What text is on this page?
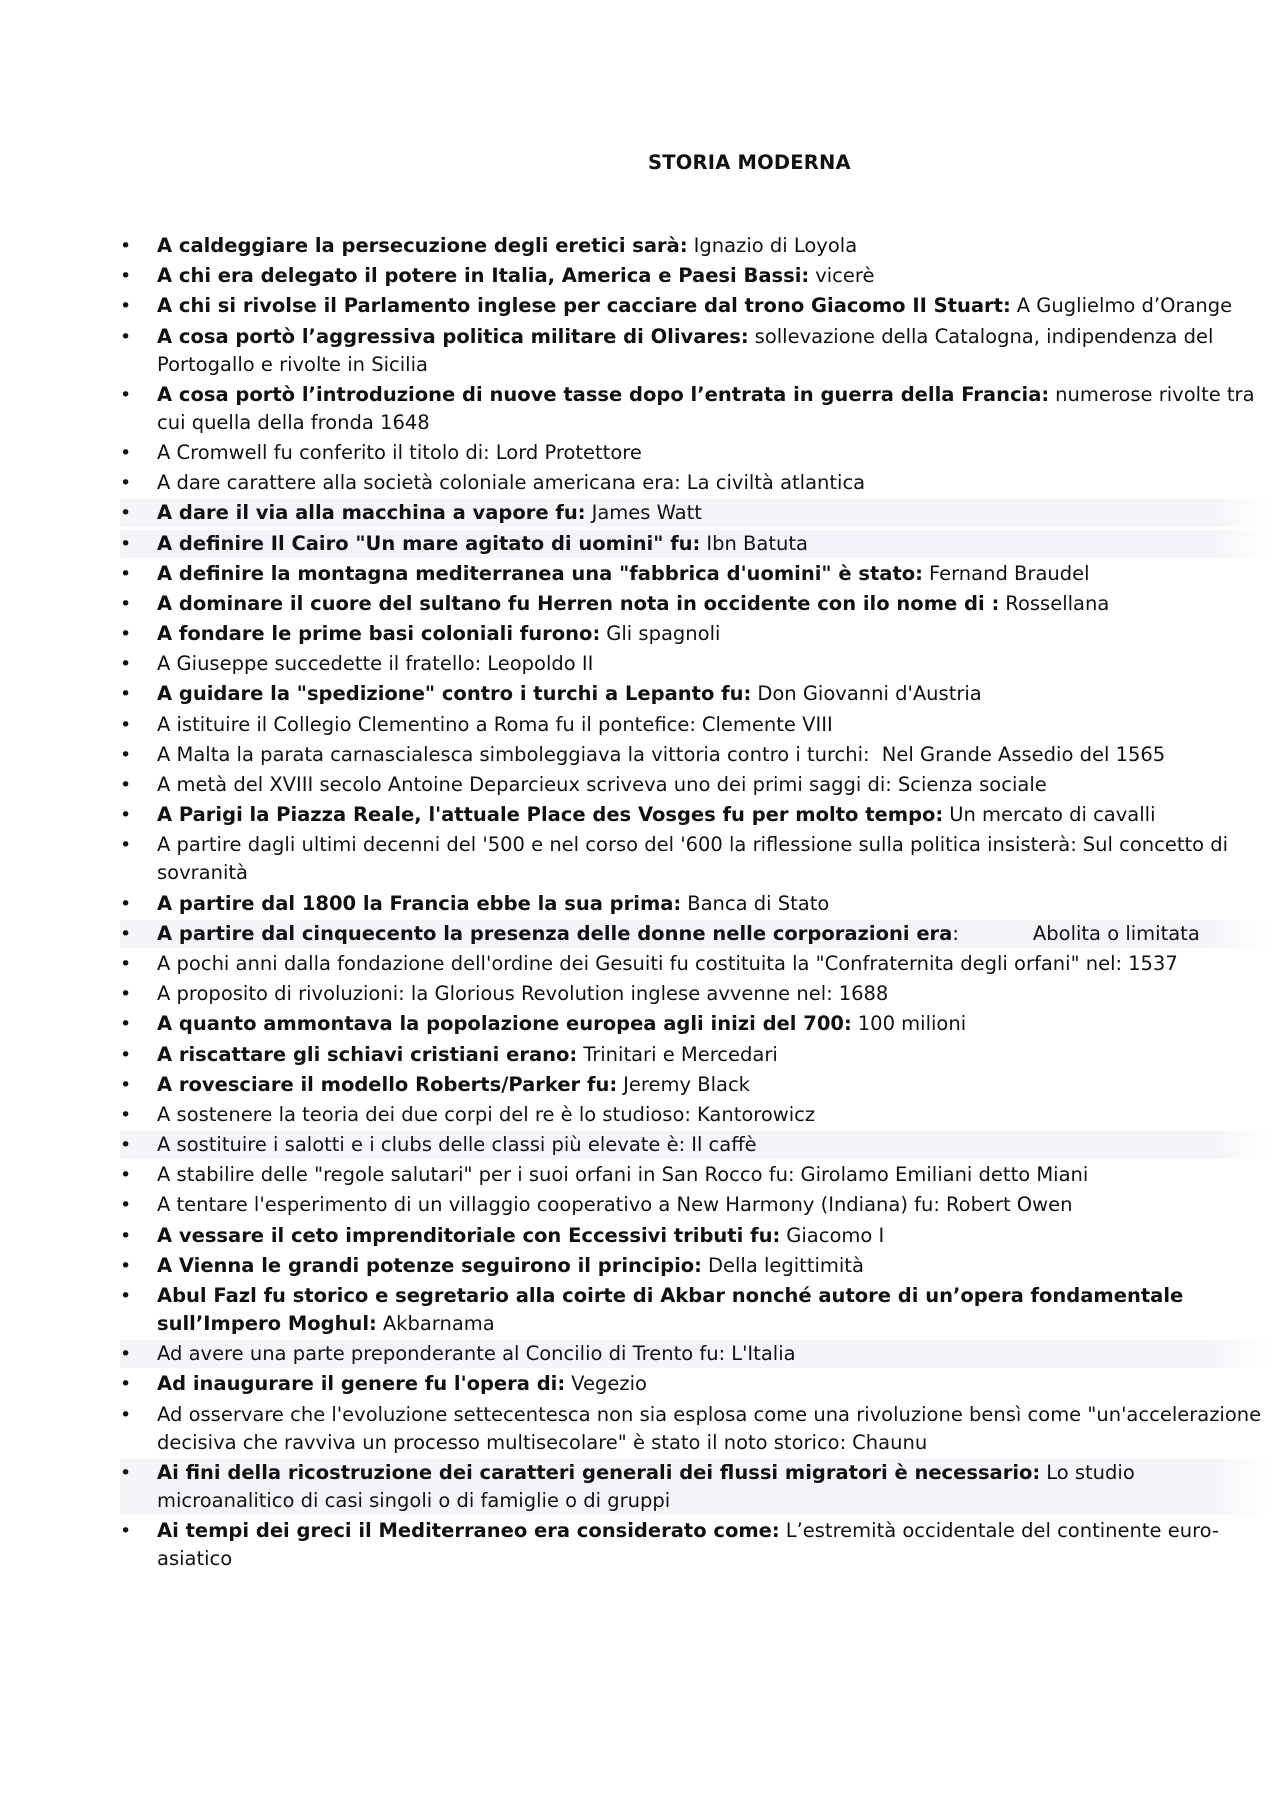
STORIA MODERNA
•	A caldeggiare la persecuzione degli eretici sarà: Ignazio di Loyola
•	A chi era delegato il potere in Italia, America e Paesi Bassi: vicerè
•	A chi si rivolse il Parlamento inglese per cacciare dal trono Giacomo II Stuart: A Guglielmo d’Orange
•	A cosa portò l’aggressiva politica militare di Olivares: sollevazione della Catalogna, indipendenza del Portogallo e rivolte in Sicilia
•	A cosa portò l’introduzione di nuove tasse dopo l’entrata in guerra della Francia: numerose rivolte tra cui quella della fronda 1648
•	A Cromwell fu conferito il titolo di: Lord Protettore
•	A dare carattere alla società coloniale americana era: La civiltà atlantica
•	A dare il via alla macchina a vapore fu: James Watt
•	A definire Il Cairo "Un mare agitato di uomini" fu: Ibn Batuta
•	A definire la montagna mediterranea una "fabbrica d'uomini" è stato: Fernand Braudel
•	A dominare il cuore del sultano fu Herren nota in occidente con ilo nome di : Rossellana
•	A fondare le prime basi coloniali furono: Gli spagnoli
•	A Giuseppe succedette il fratello: Leopoldo II
•	A guidare la "spedizione" contro i turchi a Lepanto fu: Don Giovanni d'Austria
•	A istituire il Collegio Clementino a Roma fu il pontefice: Clemente VIII
•	A Malta la parata carnascialesca simboleggiava la vittoria contro i turchi: Nel Grande Assedio del 1565
•	A metà del XVIII secolo Antoine Deparcieux scriveva uno dei primi saggi di: Scienza sociale
•	A Parigi la Piazza Reale, l'attuale Place des Vosges fu per molto tempo: Un mercato di cavalli
•	A partire dagli ultimi decenni del '500 e nel corso del '600 la riflessione sulla politica insisterà: Sul concetto di sovranità
•	A partire dal 1800 la Francia ebbe la sua prima: Banca di Stato
•	A partire dal cinquecento la presenza delle donne nelle corporazioni era:	Abolita o limitata
•	A pochi anni dalla fondazione dell'ordine dei Gesuiti fu costituita la "Confraternita degli orfani" nel: 1537
•	A proposito di rivoluzioni: la Glorious Revolution inglese avvenne nel: 1688
•	A quanto ammontava la popolazione europea agli inizi del 700: 100 milioni
•	A riscattare gli schiavi cristiani erano: Trinitari e Mercedari
•	A rovesciare il modello Roberts/Parker fu: Jeremy Black
•	A sostenere la teoria dei due corpi del re è lo studioso: Kantorowicz
•	A sostituire i salotti e i clubs delle classi più elevate è: Il caffè
•	A stabilire delle "regole salutari" per i suoi orfani in San Rocco fu: Girolamo Emiliani detto Miani
•	A tentare l'esperimento di un villaggio cooperativo a New Harmony (Indiana) fu: Robert Owen
•	A vessare il ceto imprenditoriale con Eccessivi tributi fu: Giacomo I
•	A Vienna le grandi potenze seguirono il principio: Della legittimità
•	Abul Fazl fu storico e segretario alla coirte di Akbar nonché autore di un’opera fondamentale sull’Impero Moghul: Akbarnama
•	Ad avere una parte preponderante al Concilio di Trento fu: L'Italia
•	Ad inaugurare il genere fu l'opera di: Vegezio
•	Ad osservare che l'evoluzione settecentesca non sia esplosa come una rivoluzione bensì come "un'accelerazione decisiva che ravviva un processo multisecolare" è stato il noto storico: Chaunu
•	Ai fini della ricostruzione dei caratteri generali dei flussi migratori è necessario: Lo studio microanalitico di casi singoli o di famiglie o di gruppi
•	Ai tempi dei greci il Mediterraneo era considerato come: L’estremità occidentale del continente euro-asiatico
